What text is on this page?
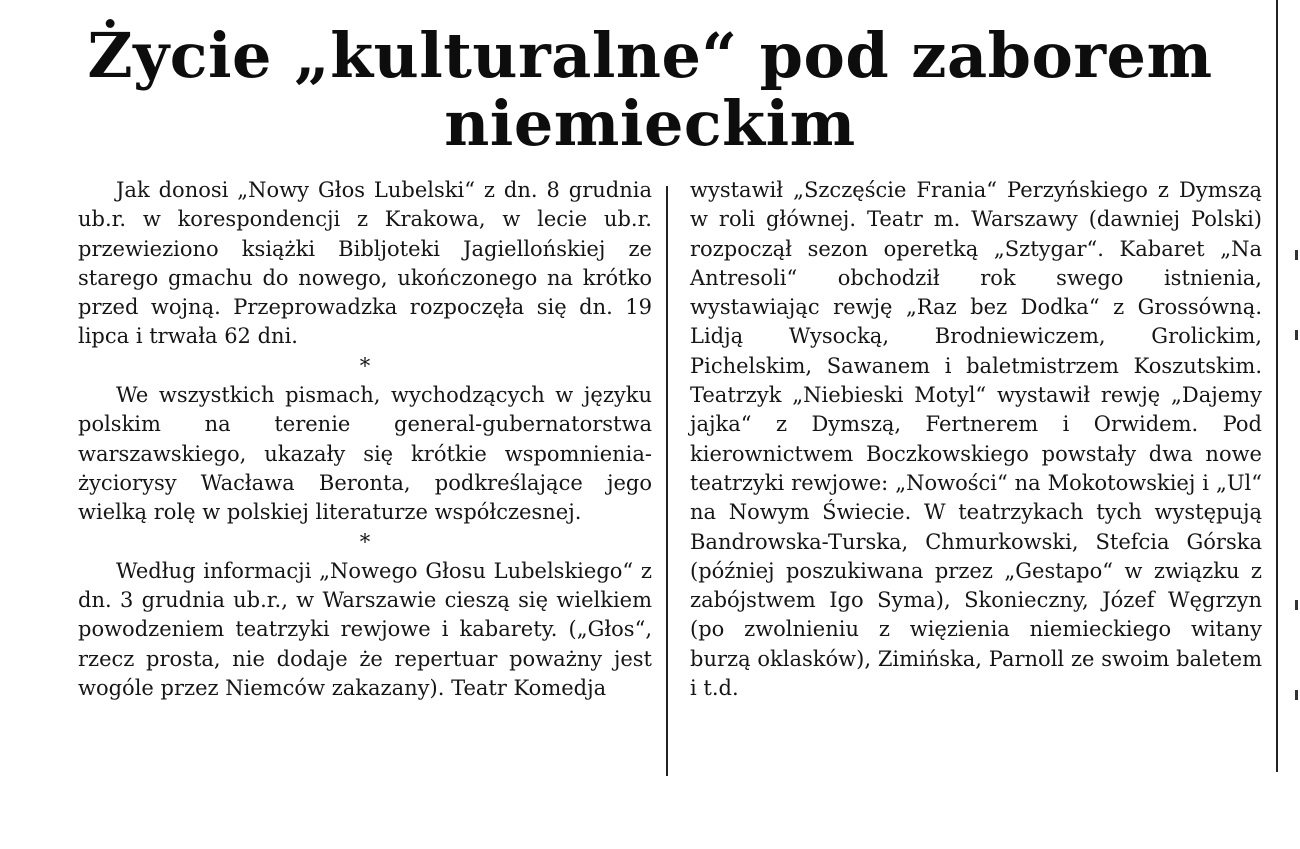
Życie „kulturalne“ pod zaborem niemieckim

Jak donosi „Nowy Głos Lubelski“ z dn. 8 grudnia ub.r. w korespondencji z Krakowa, w lecie ub.r. przewieziono książki Bibljoteki Jagiellońskiej ze starego gmachu do nowego, ukończonego na krótko przed wojną. Przeprowadzka rozpoczęła się dn. 19 lipca i trwała 62 dni.

*

We wszystkich pismach, wychodzących w języku polskim na terenie general-gubernatorstwa warszawskiego, ukazały się krótkie wspomnienia-życiorysy Wacława Beronta, podkreślające jego wielką rolę w polskiej literaturze współczesnej.

*

Według informacji „Nowego Głosu Lubelskiego“ z dn. 3 grudnia ub.r., w Warszawie cieszą się wielkiem powodzeniem teatrzyki rewjowe i kabarety. („Głos“, rzecz prosta, nie dodaje że repertuar poważny jest wogóle przez Niemców zakazany). Teatr Komedja

wystawił „Szczęście Frania“ Perzyńskiego z Dymszą w roli głównej. Teatr m. Warszawy (dawniej Polski) rozpoczął sezon operetką „Sztygar“. Kabaret „Na Antresoli“ obchodził rok swego istnienia, wystawiając rewję „Raz bez Dodka“ z Grossówną. Lidją Wysocką, Brodniewiczem, Grolickim, Pichelskim, Sawanem i baletmistrzem Koszutskim. Teatrzyk „Niebieski Motyl“ wystawił rewję „Dajemy jajka“ z Dymszą, Fertnerem i Orwidem. Pod kierownictwem Boczkowskiego powstały dwa nowe teatrzyki rewjowe: „Nowości“ na Mokotowskiej i „Ul“ na Nowym Świecie. W teatrzykach tych występują Bandrowska-Turska, Chmurkowski, Stefcia Górska (później poszukiwana przez „Gestapo“ w związku z zabójstwem Igo Syma), Skonieczny, Józef Węgrzyn (po zwolnieniu z więzienia niemieckiego witany burzą oklasków), Zimińska, Parnoll ze swoim baletem i t.d.
